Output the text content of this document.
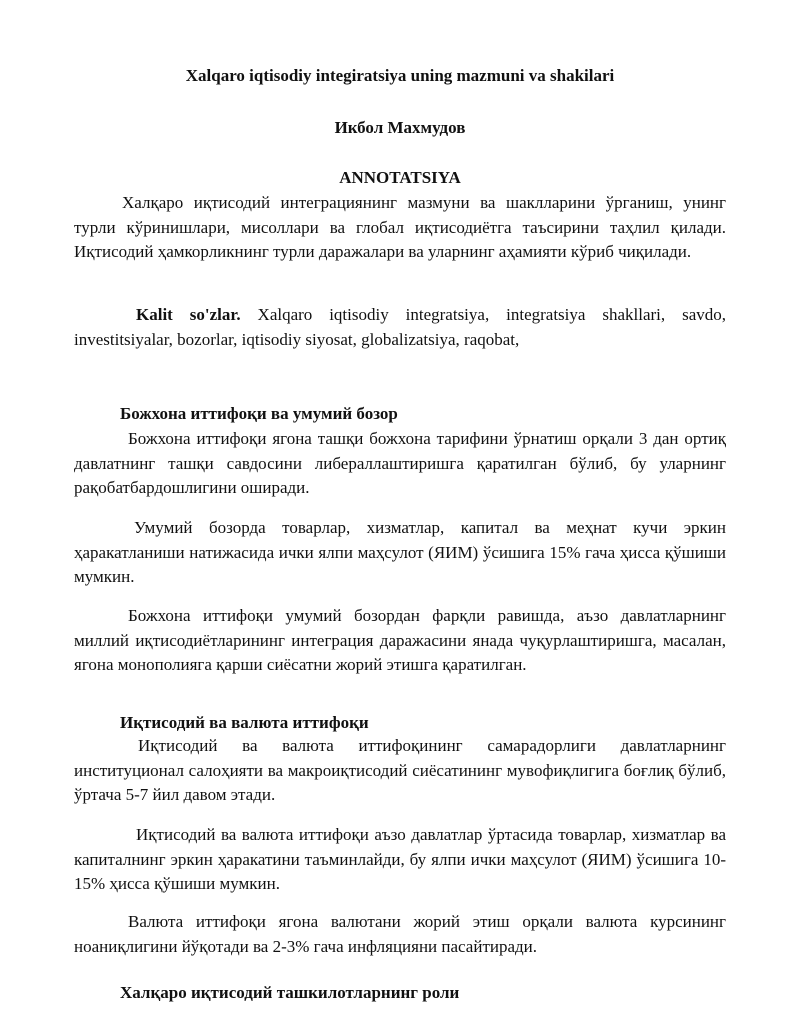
Xalqaro iqtisodiy integiratsiya uning mazmuni va shakilari
Икбол Махмудов
ANNOTATSIYA
Халқаро иқтисодий интеграциянинг мазмуни ва шаклларини ўрганиш, унинг турли кўринишлари, мисоллари ва глобал иқтисодиётга таъсирини таҳлил қилади. Иқтисодий ҳамкорликнинг турли даражалари ва уларнинг аҳамияти кўриб чиқилади.
Kalit so'zlar. Xalqaro iqtisodiy integratsiya, integratsiya shakllari, savdo, investitsiyalar, bozorlar, iqtisodiy siyosat, globalizatsiya, raqobat,
Божхона иттифоқи ва умумий бозор
Божхона иттифоқи ягона ташқи божхона тарифини ўрнатиш орқали 3 дан ортиқ давлатнинг ташқи савдосини либераллаштиришга қаратилган бўлиб, бу уларнинг рақобатбардошлигини оширади.
Умумий бозорда товарлар, хизматлар, капитал ва меҳнат кучи эркин ҳаракатланиши натижасида ички ялпи маҳсулот (ЯИМ) ўсишига 15% гача ҳисса қўшиши мумкин.
Божхона иттифоқи умумий бозордан фарқли равишда, аъзо давлатларнинг миллий иқтисодиётларининг интеграция даражасини янада чуқурлаштиришга, масалан, ягона монополияга қарши сиёсатни жорий этишга қаратилган.
Иқтисодий ва валюта иттифоқи
Иқтисодий ва валюта иттифоқининг самарадорлиги давлатларнинг институционал салоҳияти ва макроиқтисодий сиёсатининг мувофиқлигига боғлиқ бўлиб, ўртача 5-7 йил давом этади.
Иқтисодий ва валюта иттифоқи аъзо давлатлар ўртасида товарлар, хизматлар ва капиталнинг эркин ҳаракатини таъминлайди, бу ялпи ички маҳсулот (ЯИМ) ўсишига 10-15% ҳисса қўшиши мумкин.
Валюта иттифоқи ягона валютани жорий этиш орқали валюта курсининг ноаниқлигини йўқотади ва 2-3% гача инфляцияни пасайтиради.
Халқаро иқтисодий ташкилотларнинг роли
